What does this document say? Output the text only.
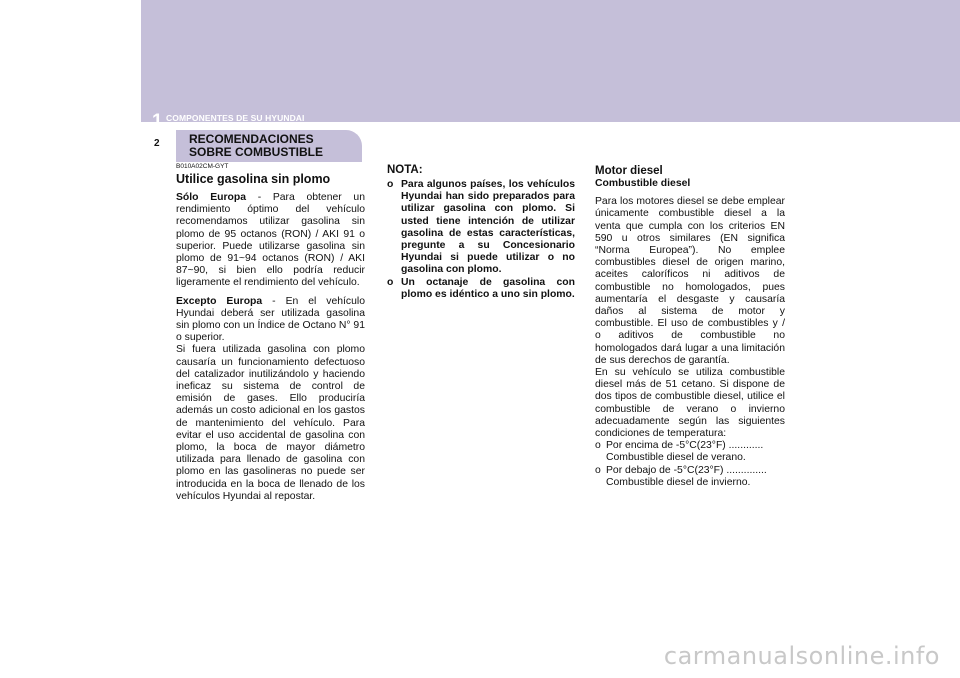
1 COMPONENTES DE SU HYUNDAI
2 RECOMENDACIONES SOBRE COMBUSTIBLE
B010A02CM-GYT
Utilice gasolina sin plomo

Sólo Europa - Para obtener un rendimiento óptimo del vehículo recomendamos utilizar gasolina sin plomo de 95 octanos (RON) / AKI 91 o superior. Puede utilizarse gasolina sin plomo de 91~94 octanos (RON) / AKI 87~90, si bien ello podría reducir ligeramente el rendimiento del vehículo.

Excepto Europa - En el vehículo Hyundai deberá ser utilizada gasolina sin plomo con un Índice de Octano N° 91 o superior.

Si fuera utilizada gasolina con plomo causaría un funcionamiento defectuoso del catalizador inutilizándolo y haciendo ineficaz su sistema de control de emisión de gases. Ello produciría además un costo adicional en los gastos de mantenimiento del vehículo. Para evitar el uso accidental de gasolina con plomo, la boca de mayor diámetro utilizada para llenado de gasolina con plomo en las gasolineras no puede ser introducida en la boca de llenado de los vehículos Hyundai al repostar.

NOTA:
o Para algunos países, los vehículos Hyundai han sido preparados para utilizar gasolina con plomo. Si usted tiene intención de utilizar gasolina de estas características, pregunte a su Concesionario Hyundai si puede utilizar o no gasolina con plomo.
o Un octanaje de gasolina con plomo es idéntico a uno sin plomo.
Motor diesel
Combustible diesel

Para los motores diesel se debe emplear únicamente combustible diesel a la venta que cumpla con los criterios EN 590 u otros similares (EN significa “Norma Europea”). No emplee combustibles diesel de origen marino, aceites caloríficos ni aditivos de combustible no homologados, pues aumentaría el desgaste y causaría daños al sistema de motor y combustible. El uso de combustibles y / o aditivos de combustible no homologados dará lugar a una limitación de sus derechos de garantía.

En su vehículo se utiliza combustible diesel más de 51 cetano. Si dispone de dos tipos de combustible diesel, utilice el combustible de verano o invierno adecuadamente según las siguientes condiciones de temperatura:

o Por encima de -5°C(23°F) ............
Combustible diesel de verano.
o Por debajo de -5°C(23°F) ..............
Combustible diesel de invierno.
carmanualsonline.info
